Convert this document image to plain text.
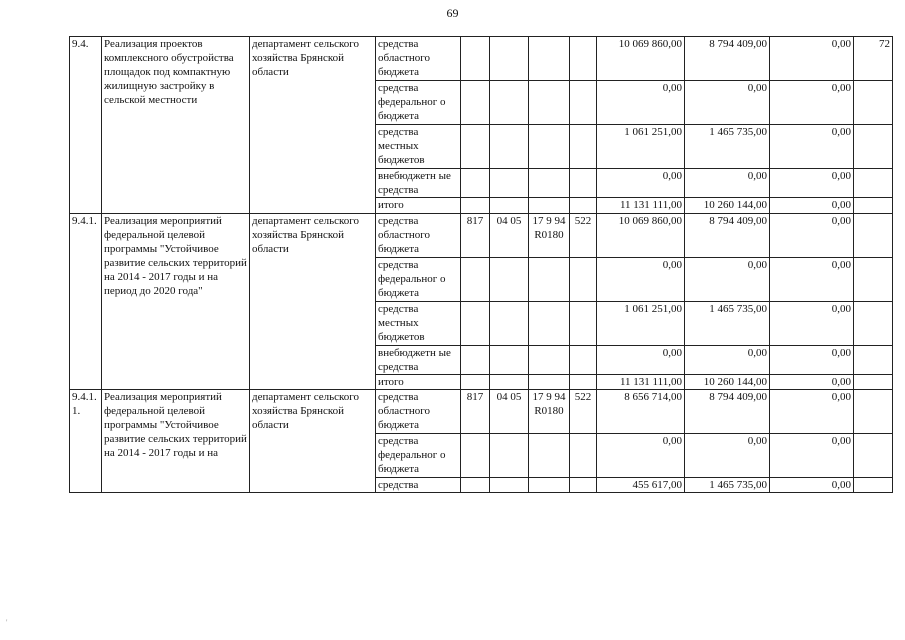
69
9.4.	Реализация проектов комплексного обустройства площадок под компактную жилищную застройку в сельской местности	департамент сельского хозяйства Брянской области	средства областного бюджета					10 069 860,00	8 794 409,00	0,00	72
			средства федеральног о бюджета					0,00	0,00	0,00	
			средства местных бюджетов					1 061 251,00	1 465 735,00	0,00	
			внебюджетн ые средства					0,00	0,00	0,00	
			итого					11 131 111,00	10 260 144,00	0,00	
9.4.1.	Реализация мероприятий федеральной целевой программы "Устойчивое развитие сельских территорий на 2014 - 2017 годы и на период до 2020 года"	департамент сельского хозяйства Брянской области	средства областного бюджета	817	04 05	17 9 94 R0180	522	10 069 860,00	8 794 409,00	0,00	
			средства федеральног о бюджета					0,00	0,00	0,00	
			средства местных бюджетов					1 061 251,00	1 465 735,00	0,00	
			внебюджетн ые средства					0,00	0,00	0,00	
			итого					11 131 111,00	10 260 144,00	0,00	
9.4.1. 1.	Реализация мероприятий федеральной целевой программы "Устойчивое развитие сельских территорий на 2014 - 2017 годы и на	департамент сельского хозяйства Брянской области	средства областного бюджета	817	04 05	17 9 94 R0180	522	8 656 714,00	8 794 409,00	0,00	
			средства федеральног о бюджета					0,00	0,00	0,00	
			средства					455 617,00	1 465 735,00	0,00	
'
